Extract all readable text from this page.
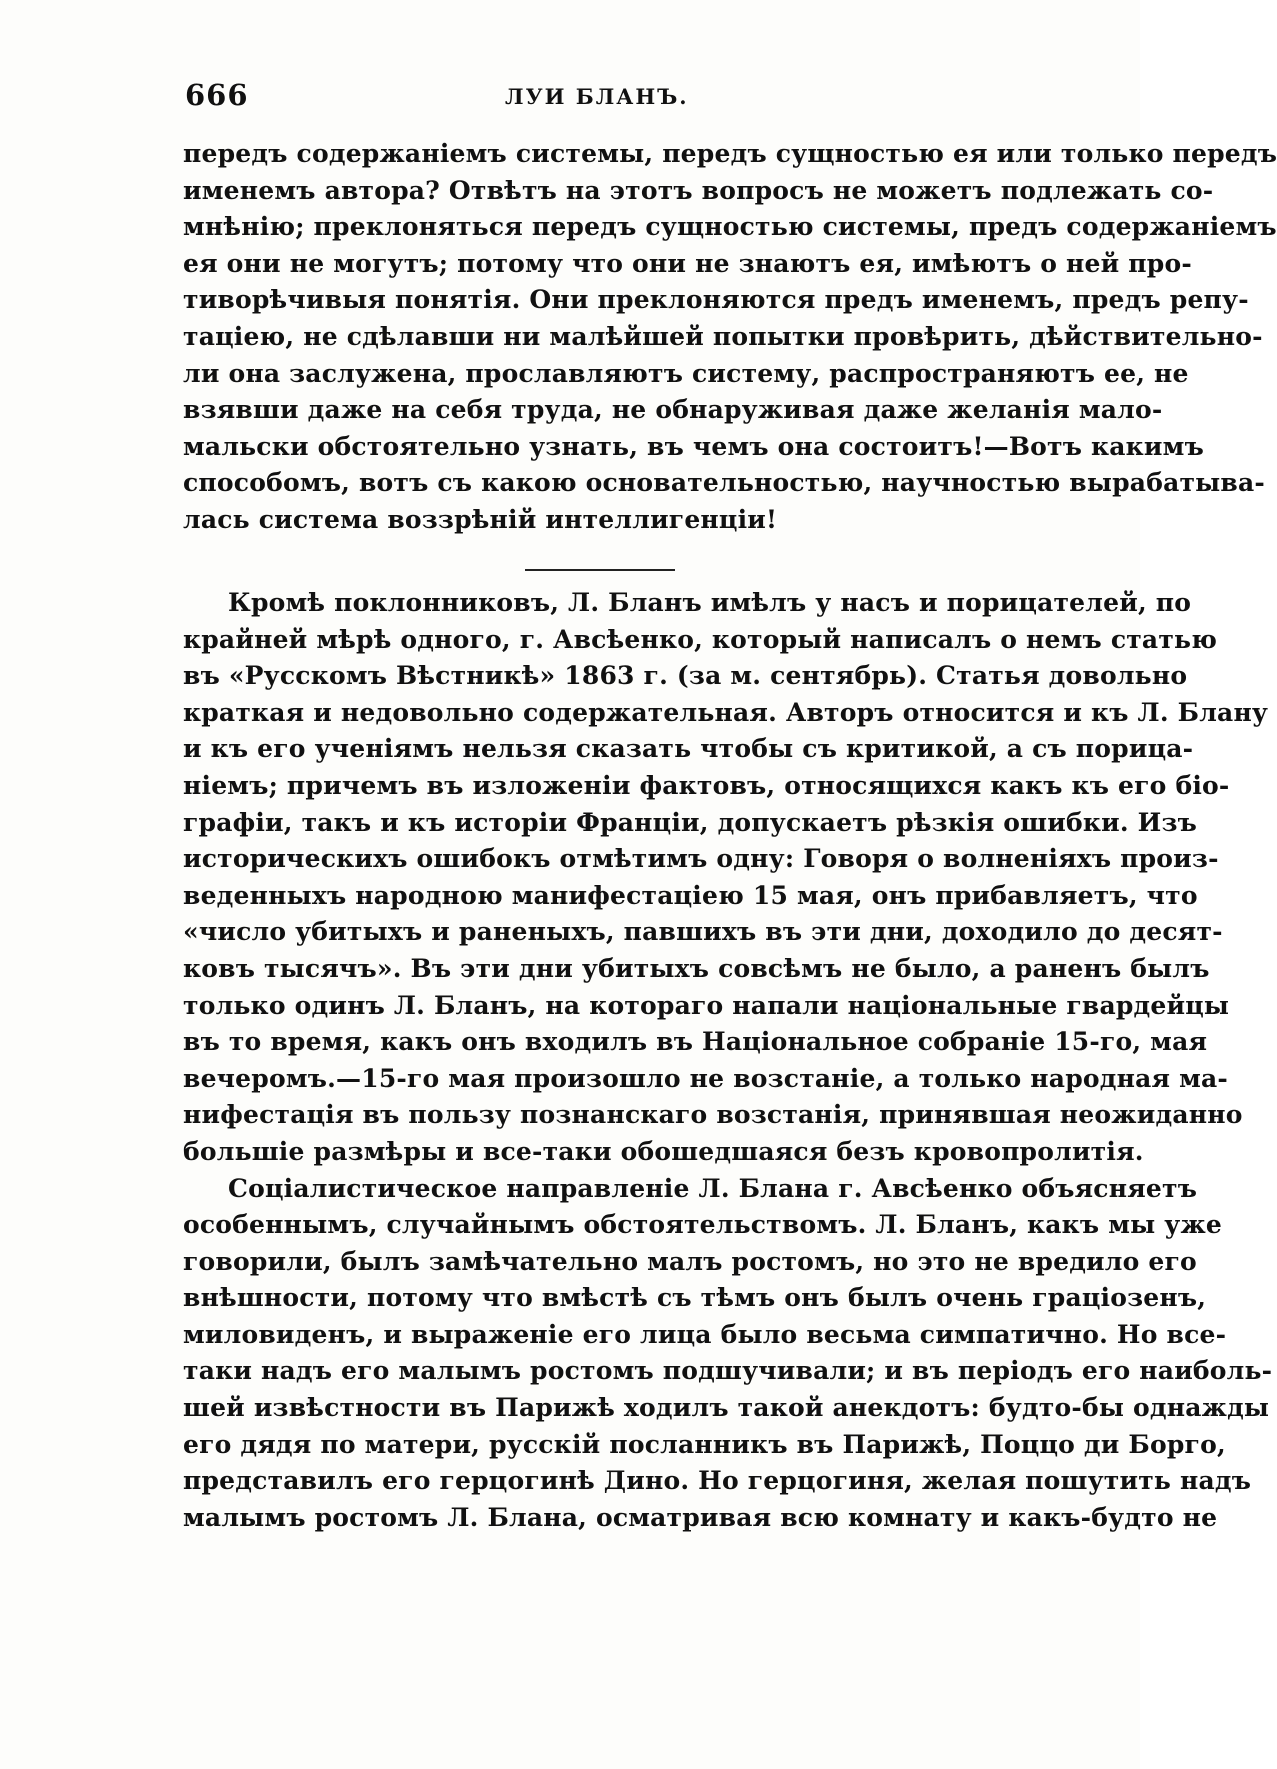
666	ЛУИ БЛАНЪ.
передъ содержаніемъ системы, передъ сущностью ея или только передъ
именемъ автора? Отвѣтъ на этотъ вопросъ не можетъ подлежать со-
мнѣнію; преклоняться передъ сущностью системы, предъ содержаніемъ
ея они не могутъ; потому что они не знаютъ ея, имѣютъ о ней про-
тиворѣчивыя понятія. Они преклоняются предъ именемъ, предъ репу-
таціею, не сдѣлавши ни малѣйшей попытки провѣрить, дѣйствительно-
ли она заслужена, прославляютъ систему, распространяютъ ее, не
взявши даже на себя труда, не обнаруживая даже желанія мало-
мальски обстоятельно узнать, въ чемъ она состоитъ!—Вотъ какимъ
способомъ, вотъ съ какою основательностью, научностью вырабатыва-
лась система воззрѣній интеллигенціи!
Кромѣ поклонниковъ, Л. Бланъ имѣлъ у насъ и порицателей, по
крайней мѣрѣ одного, г. Авсѣенко, который написалъ о немъ статью
въ «Русскомъ Вѣстникѣ» 1863 г. (за м. сентябрь). Статья довольно
краткая и недовольно содержательная. Авторъ относится и къ Л. Блану
и къ его ученіямъ нельзя сказать чтобы съ критикой, а съ порица-
ніемъ; причемъ въ изложеніи фактовъ, относящихся какъ къ его біо-
графіи, такъ и къ исторіи Франціи, допускаетъ рѣзкія ошибки. Изъ
историческихъ ошибокъ отмѣтимъ одну: Говоря о волненіяхъ произ-
веденныхъ народною манифестаціею 15 мая, онъ прибавляетъ, что
«число убитыхъ и раненыхъ, павшихъ въ эти дни, доходило до десят-
ковъ тысячъ». Въ эти дни убитыхъ совсѣмъ не было, а раненъ былъ
только одинъ Л. Бланъ, на котораго напали національные гвардейцы
въ то время, какъ онъ входилъ въ Національное собраніе 15-го, мая
вечеромъ.—15-го мая произошло не возстаніе, а только народная ма-
нифестація въ пользу познанскаго возстанія, принявшая неожиданно
большіе размѣры и все-таки обошедшаяся безъ кровопролитія.
Соціалистическое направленіе Л. Блана г. Авсѣенко объясняетъ
особеннымъ, случайнымъ обстоятельствомъ. Л. Бланъ, какъ мы уже
говорили, былъ замѣчательно малъ ростомъ, но это не вредило его
внѣшности, потому что вмѣстѣ съ тѣмъ онъ былъ очень граціозенъ,
миловиденъ, и выраженіе его лица было весьма симпатично. Но все-
таки надъ его малымъ ростомъ подшучивали; и въ періодъ его наиболь-
шей извѣстности въ Парижѣ ходилъ такой анекдотъ: будто-бы однажды
его дядя по матери, русскій посланникъ въ Парижѣ, Поццо ди Борго,
представилъ его герцогинѣ Дино. Но герцогиня, желая пошутить надъ
малымъ ростомъ Л. Блана, осматривая всю комнату и какъ-будто не
